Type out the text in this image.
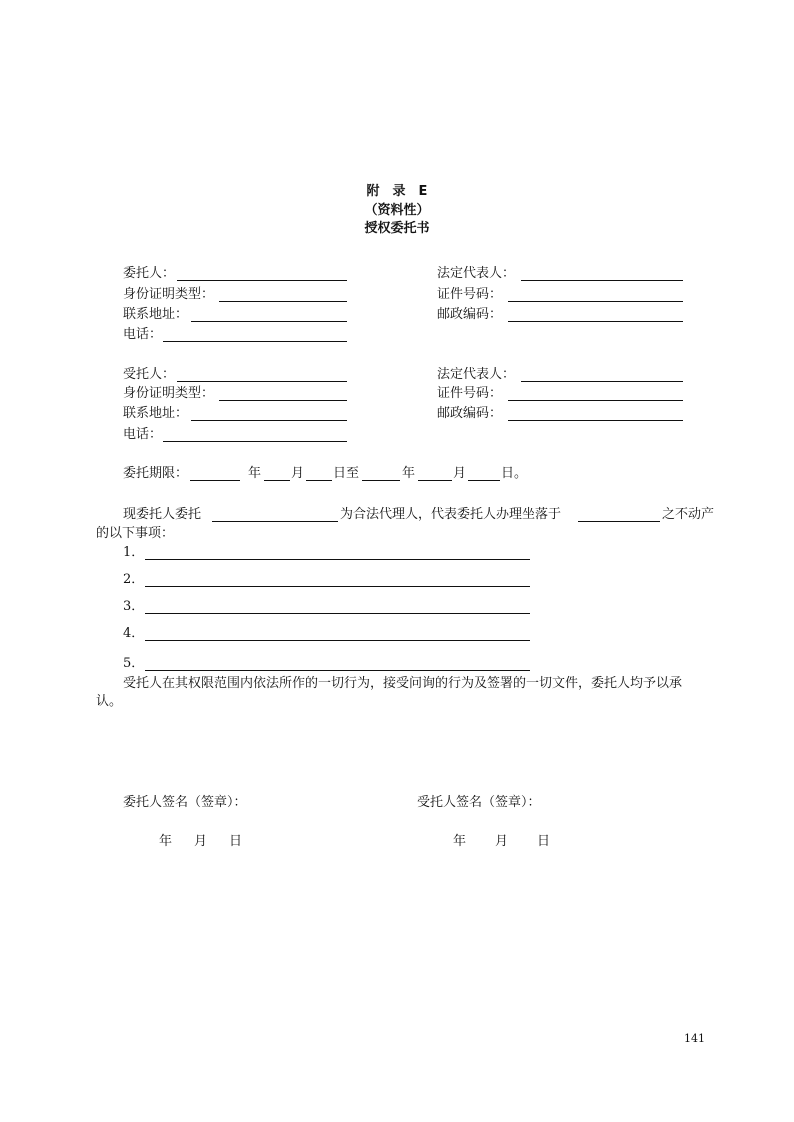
附　录　E
（资料性）
授权委托书
委托人：	法定代表人：
身份证明类型：	证件号码：
联系地址：	邮政编码：
电话：
受托人：	法定代表人：
身份证明类型：	证件号码：
联系地址：	邮政编码：
电话：
委托期限：	年 月 日至	年	月	日。
现委托人委托	为合法代理人，代表委托人办理坐落于	之不动产
的以下事项：
1．
2．
3．
4．
5．
受托人在其权限范围内依法所作的一切行为，接受问询的行为及签署的一切文件，委托人均予以承
认。
委托人签名（签章）：	受托人签名（签章）：
年 月 日	年 月 日
141
